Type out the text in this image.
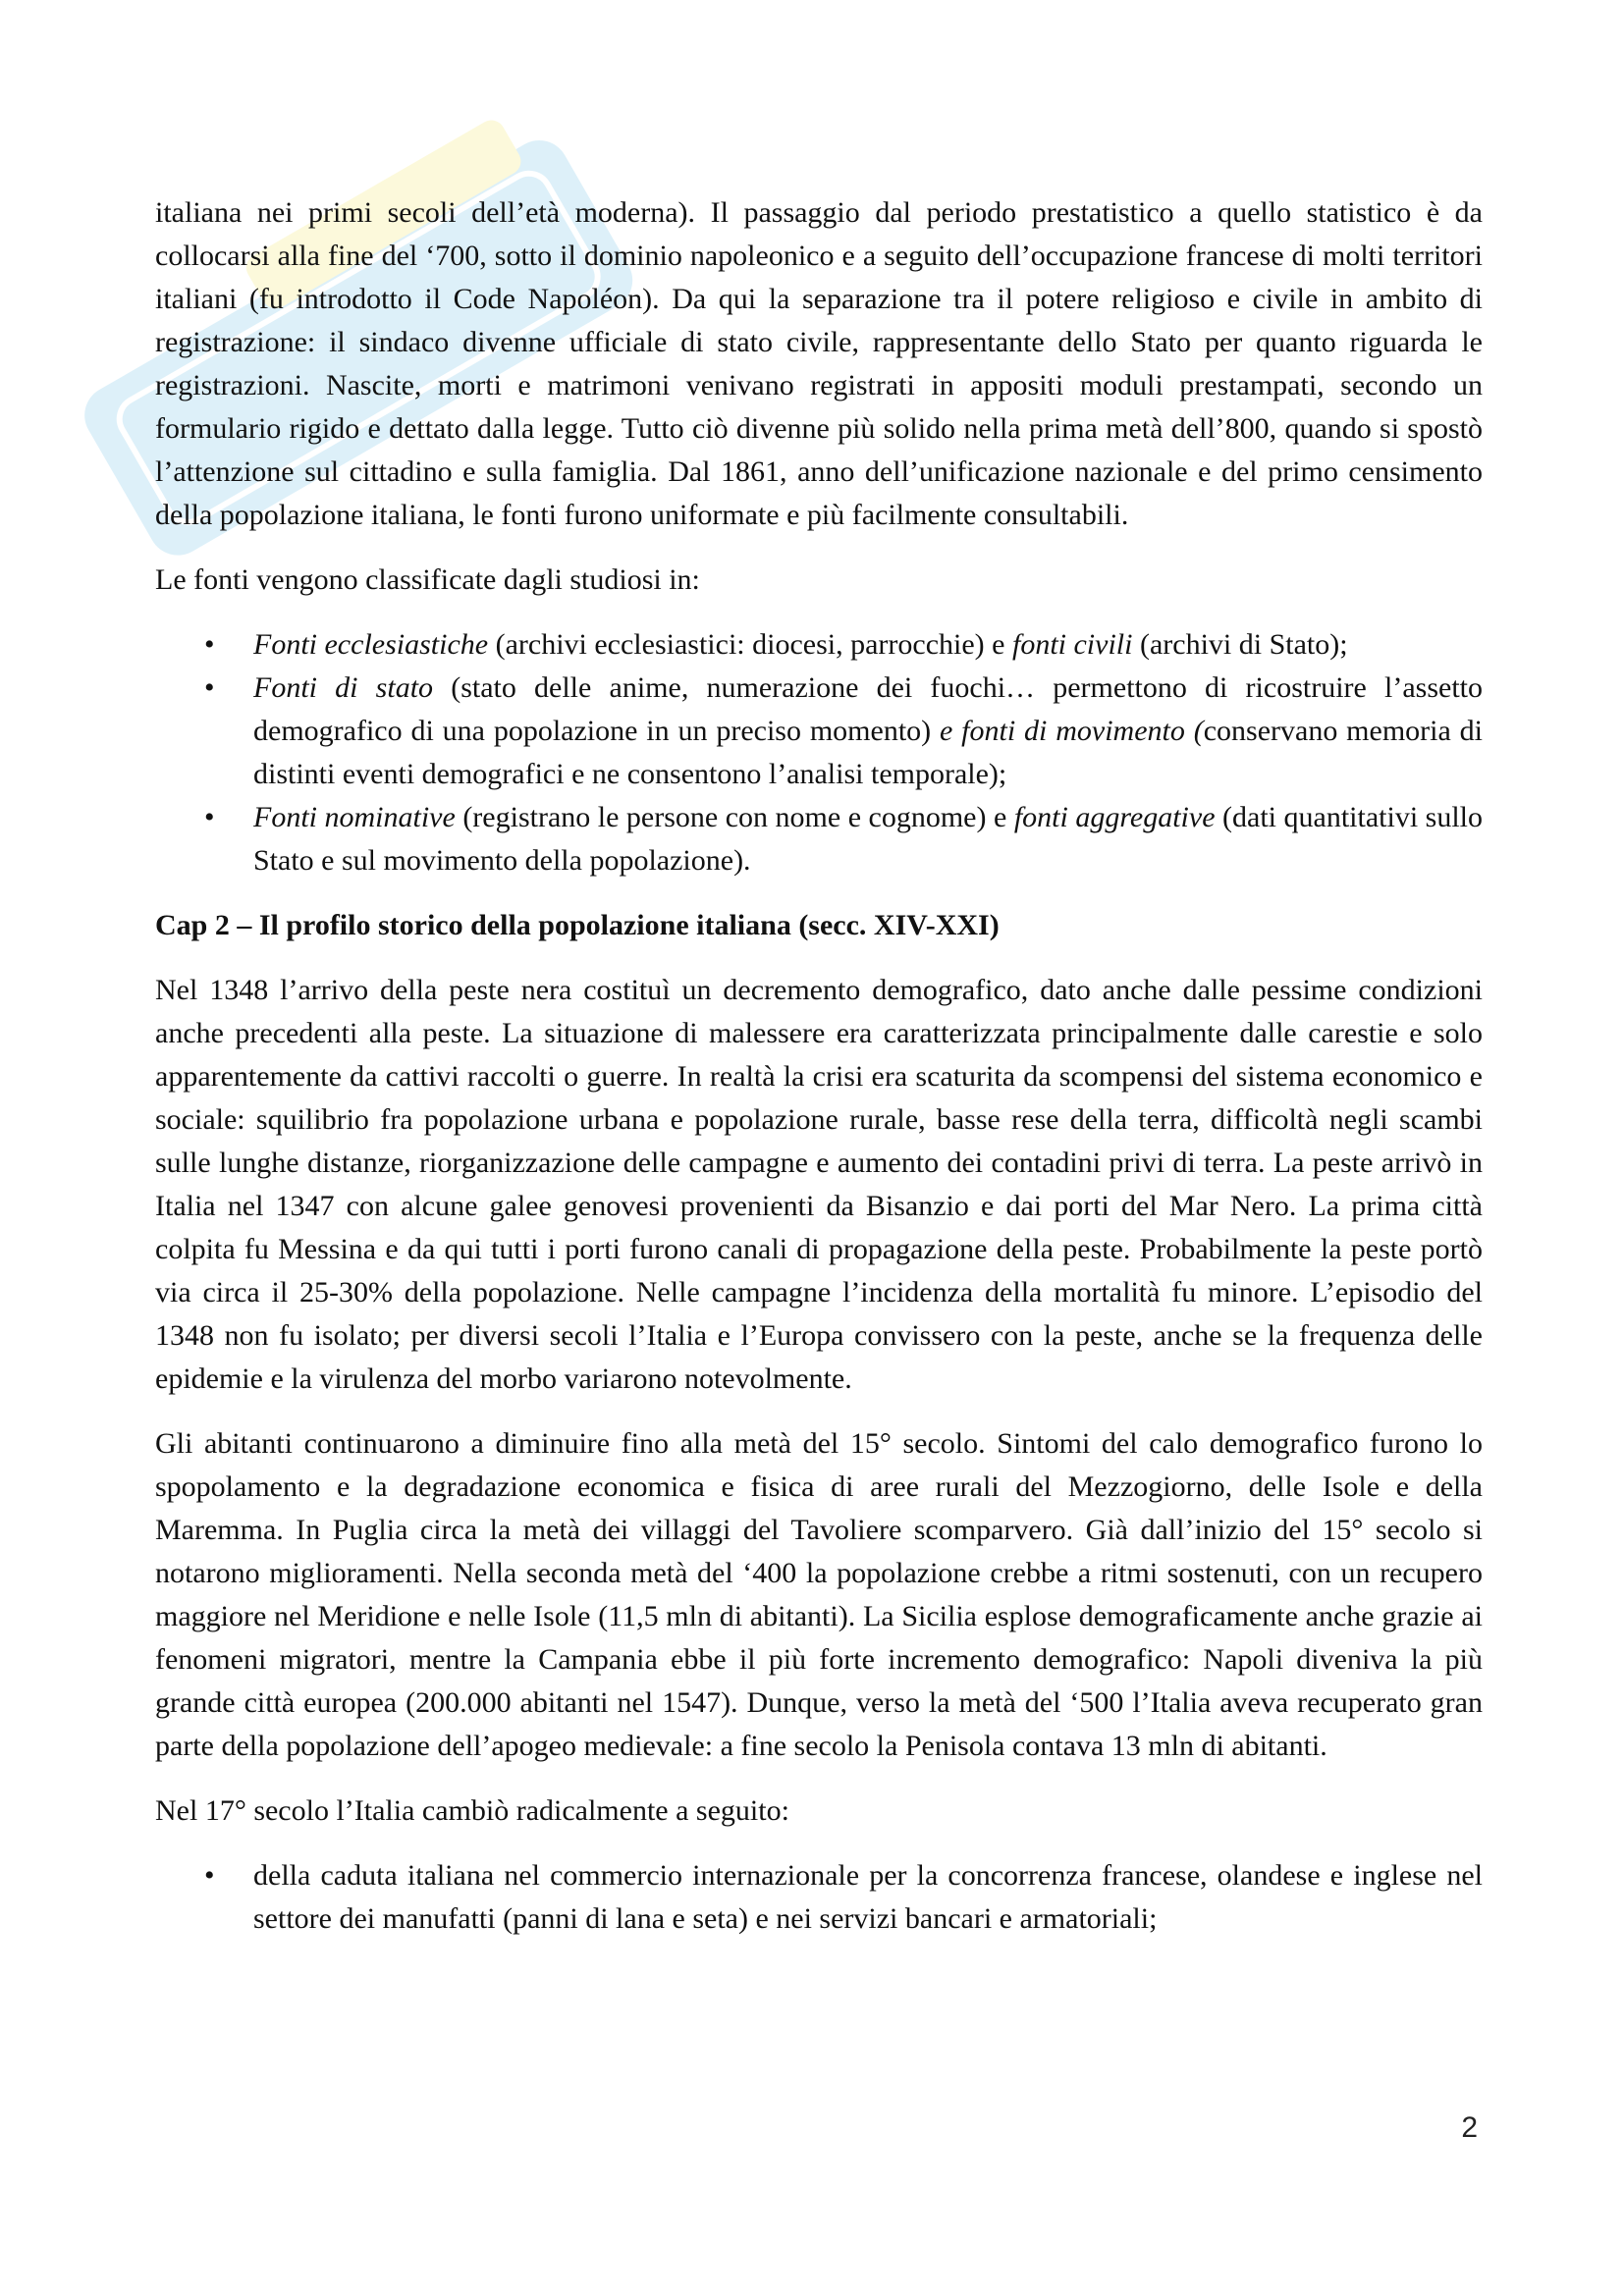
italiana nei primi secoli dell’età moderna). Il passaggio dal periodo prestatistico a quello statistico è da collocarsi alla fine del ‘700, sotto il dominio napoleonico e a seguito dell’occupazione francese di molti territori italiani (fu introdotto il Code Napoléon). Da qui la separazione tra il potere religioso e civile in ambito di registrazione: il sindaco divenne ufficiale di stato civile, rappresentante dello Stato per quanto riguarda le registrazioni. Nascite, morti e matrimoni venivano registrati in appositi moduli prestampati, secondo un formulario rigido e dettato dalla legge. Tutto ciò divenne più solido nella prima metà dell’800, quando si spostò l’attenzione sul cittadino e sulla famiglia. Dal 1861, anno dell’unificazione nazionale e del primo censimento della popolazione italiana, le fonti furono uniformate e più facilmente consultabili.

Le fonti vengono classificate dagli studiosi in:

• Fonti ecclesiastiche (archivi ecclesiastici: diocesi, parrocchie) e fonti civili (archivi di Stato);
• Fonti di stato (stato delle anime, numerazione dei fuochi… permettono di ricostruire l’assetto demografico di una popolazione in un preciso momento) e fonti di movimento (conservano memoria di distinti eventi demografici e ne consentono l’analisi temporale);
• Fonti nominative (registrano le persone con nome e cognome) e fonti aggregative (dati quantitativi sullo Stato e sul movimento della popolazione).
Cap 2 – Il profilo storico della popolazione italiana (secc. XIV-XXI)

Nel 1348 l’arrivo della peste nera costituì un decremento demografico, dato anche dalle pessime condizioni anche precedenti alla peste. La situazione di malessere era caratterizzata principalmente dalle carestie e solo apparentemente da cattivi raccolti o guerre. In realtà la crisi era scaturita da scompensi del sistema economico e sociale: squilibrio fra popolazione urbana e popolazione rurale, basse rese della terra, difficoltà negli scambi sulle lunghe distanze, riorganizzazione delle campagne e aumento dei contadini privi di terra. La peste arrivò in Italia nel 1347 con alcune galee genovesi provenienti da Bisanzio e dai porti del Mar Nero. La prima città colpita fu Messina e da qui tutti i porti furono canali di propagazione della peste. Probabilmente la peste portò via circa il 25-30% della popolazione. Nelle campagne l’incidenza della mortalità fu minore. L’episodio del 1348 non fu isolato; per diversi secoli l’Italia e l’Europa convissero con la peste, anche se la frequenza delle epidemie e la virulenza del morbo variarono notevolmente.

Gli abitanti continuarono a diminuire fino alla metà del 15° secolo. Sintomi del calo demografico furono lo spopolamento e la degradazione economica e fisica di aree rurali del Mezzogiorno, delle Isole e della Maremma. In Puglia circa la metà dei villaggi del Tavoliere scomparvero. Già dall’inizio del 15° secolo si notarono miglioramenti. Nella seconda metà del ‘400 la popolazione crebbe a ritmi sostenuti, con un recupero maggiore nel Meridione e nelle Isole (11,5 mln di abitanti). La Sicilia esplose demograficamente anche grazie ai fenomeni migratori, mentre la Campania ebbe il più forte incremento demografico: Napoli diveniva la più grande città europea (200.000 abitanti nel 1547). Dunque, verso la metà del ‘500 l’Italia aveva recuperato gran parte della popolazione dell’apogeo medievale: a fine secolo la Penisola contava 13 mln di abitanti.

Nel 17° secolo l’Italia cambiò radicalmente a seguito:

• della caduta italiana nel commercio internazionale per la concorrenza francese, olandese e inglese nel settore dei manufatti (panni di lana e seta) e nei servizi bancari e armatoriali;
2
